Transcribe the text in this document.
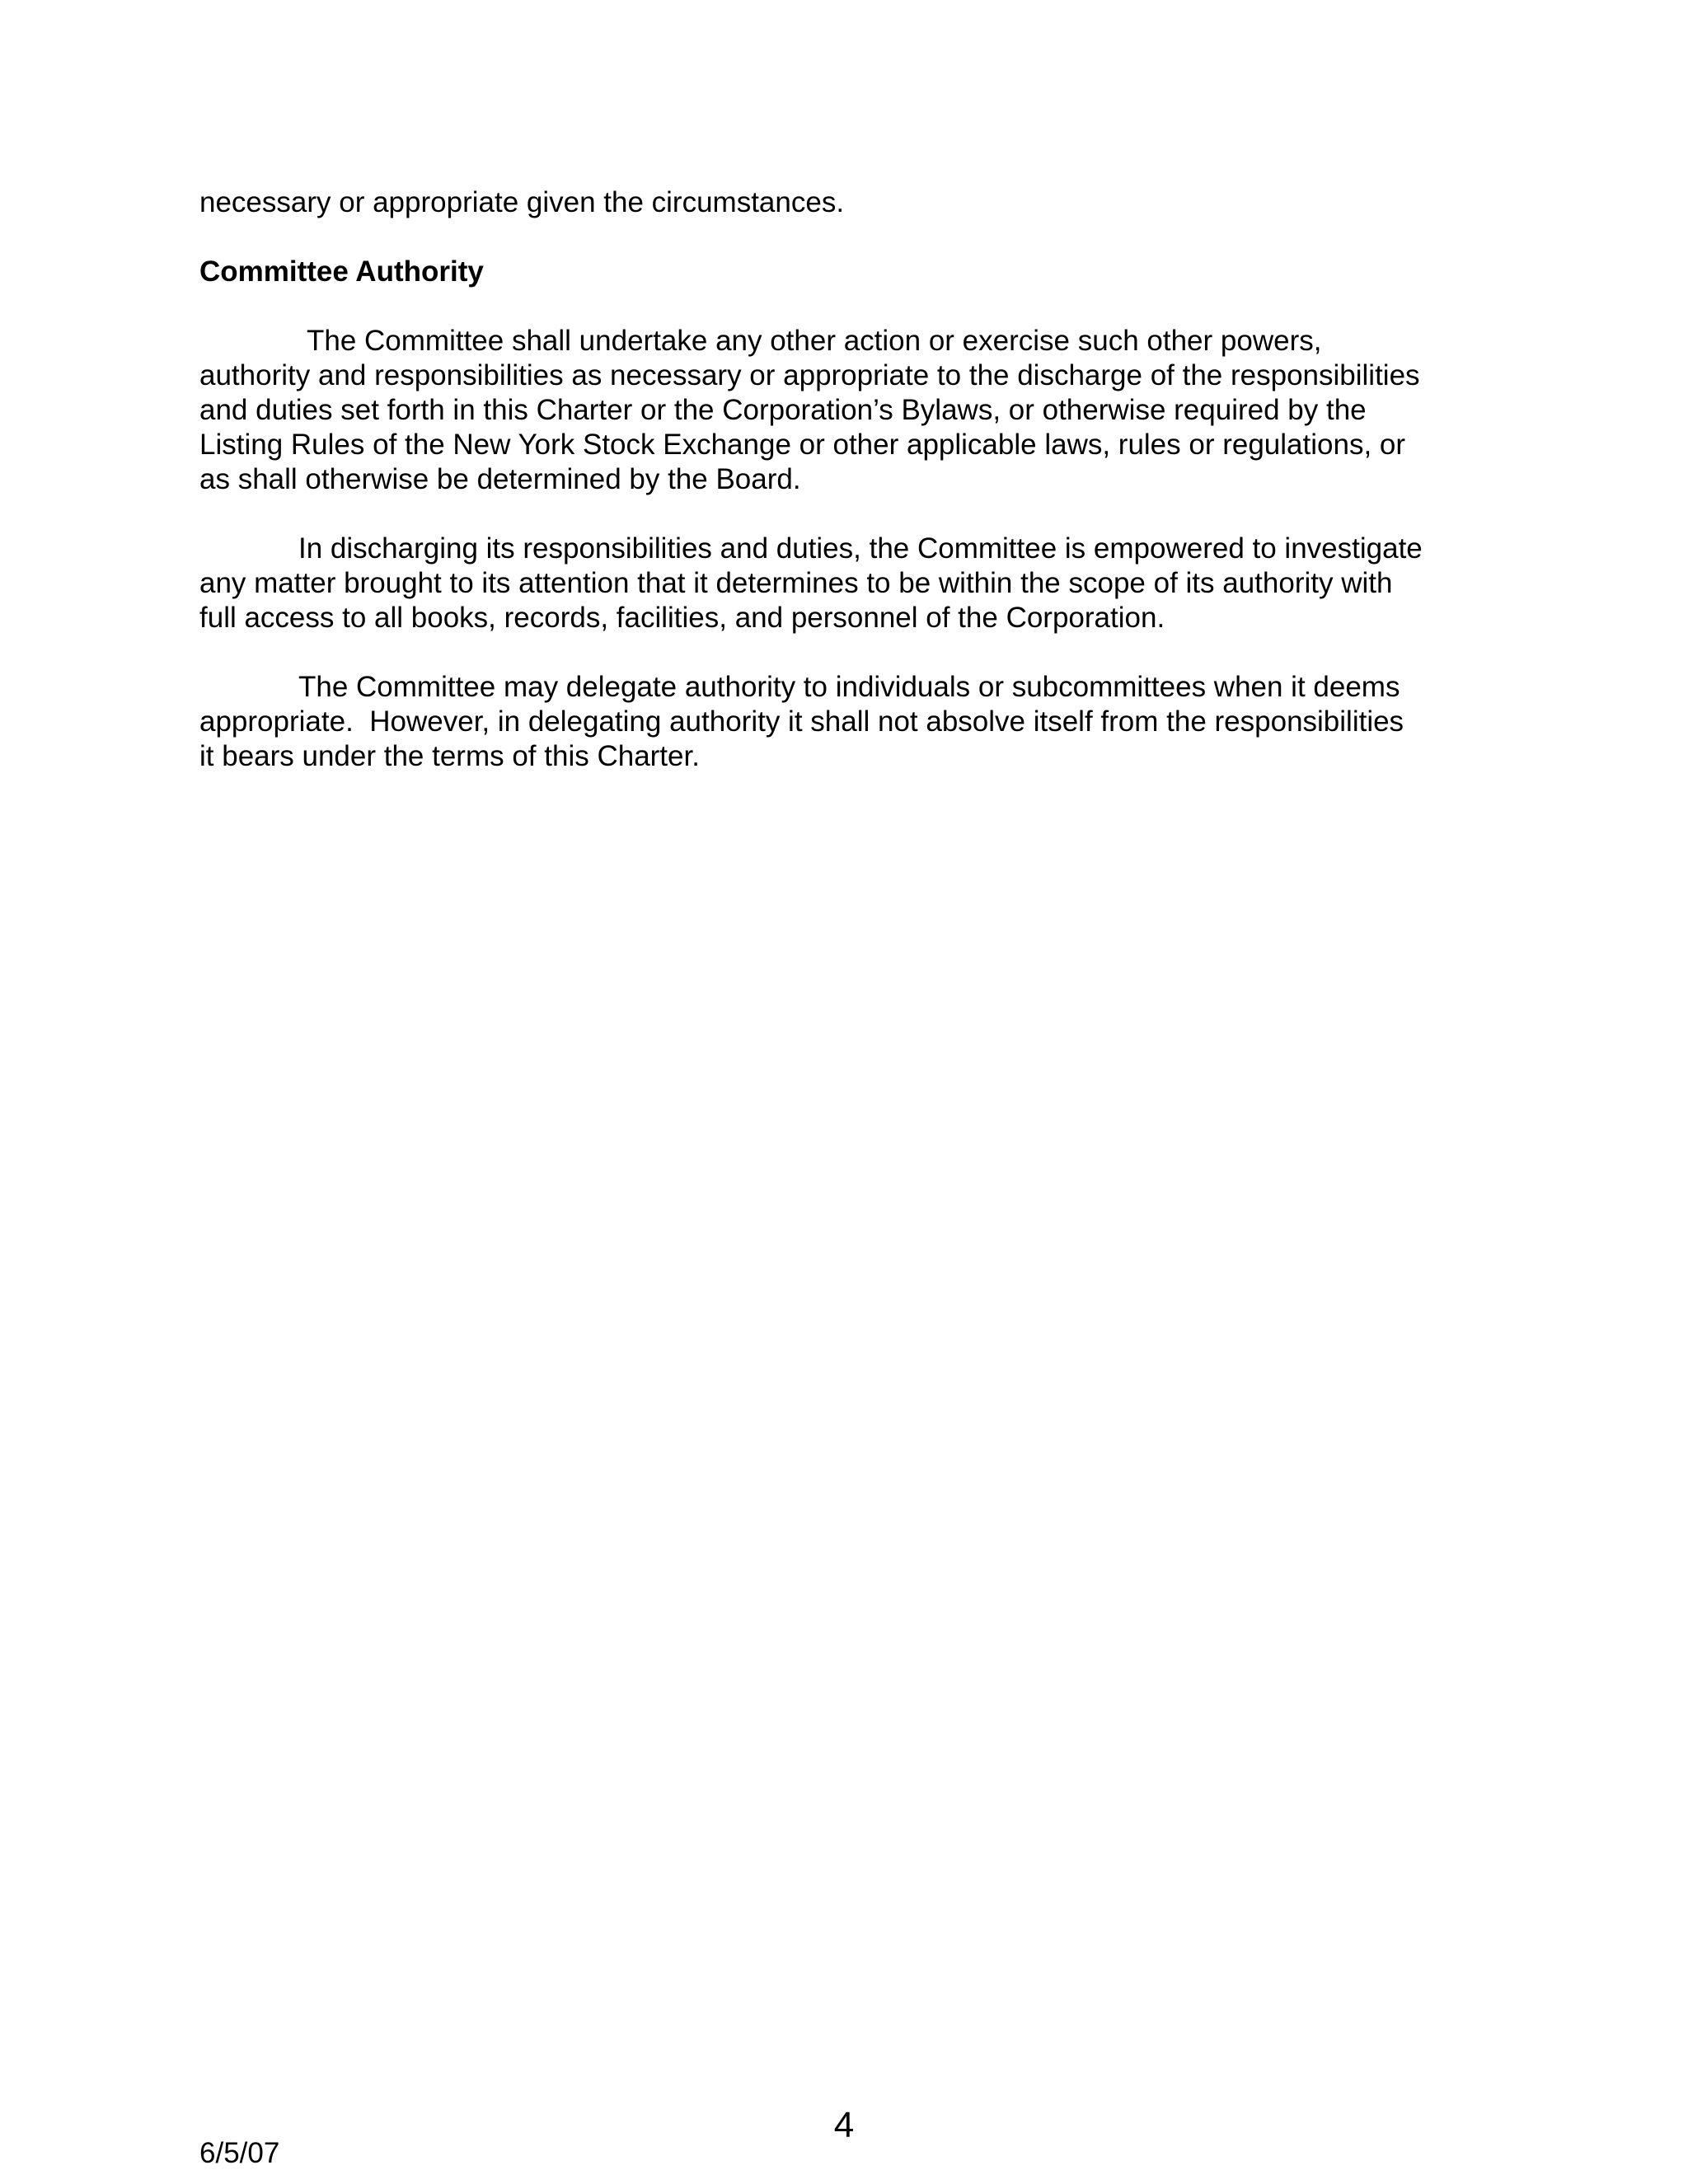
necessary or appropriate given the circumstances.
Committee Authority
The Committee shall undertake any other action or exercise such other powers,
authority and responsibilities as necessary or appropriate to the discharge of the responsibilities
and duties set forth in this Charter or the Corporation’s Bylaws, or otherwise required by the
Listing Rules of the New York Stock Exchange or other applicable laws, rules or regulations, or
as shall otherwise be determined by the Board.
In discharging its responsibilities and duties, the Committee is empowered to investigate
any matter brought to its attention that it determines to be within the scope of its authority with
full access to all books, records, facilities, and personnel of the Corporation.
The Committee may delegate authority to individuals or subcommittees when it deems
appropriate.  However, in delegating authority it shall not absolve itself from the responsibilities
it bears under the terms of this Charter.
4
6/5/07
